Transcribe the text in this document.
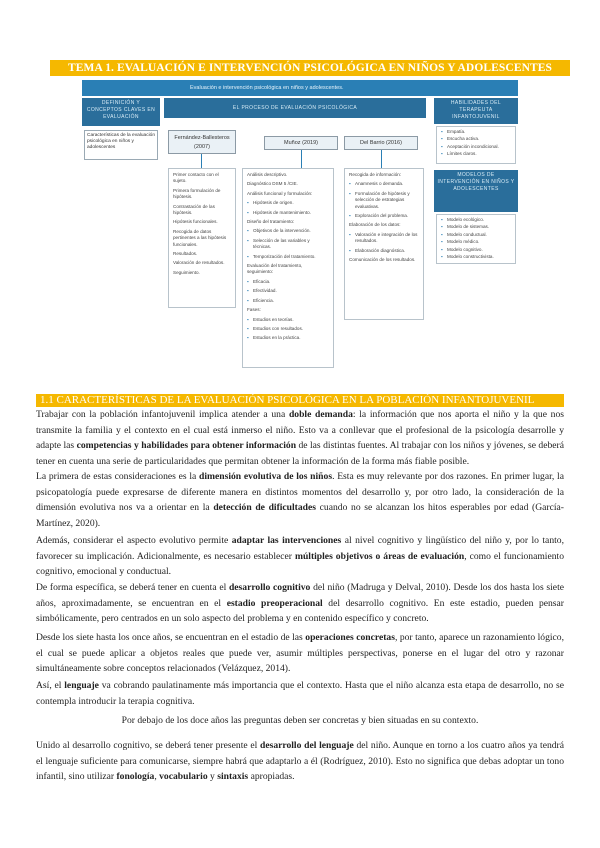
TEMA 1. EVALUACIÓN E INTERVENCIÓN PSICOLÓGICA EN NIÑOS Y ADOLESCENTES
Evaluación e intervención psicológica en niños y adolescentes.
DEFINICIÓN Y CONCEPTOS CLAVES EN EVALUACIÓN
Características de la evaluación psicológica en niños y adolescentes
EL PROCESO DE EVALUACIÓN PSICOLÓGICA
Fernández-Ballesteros (2007)
Muñoz (2019)	Del Barrio (2016)
Primer contacto con el sujeto.
Primera formulación de hipótesis.
Contrastación de las hipótesis.
Hipótesis funcionales.
Recogida de datos pertinentes a las hipótesis funcionales.
Resultados.
Valoración de resultados.
Seguimiento.
Análisis descriptivo.
Diagnóstico DSM 5 /CIE.
Análisis funcional y formulación:
▪ Hipótesis de origen.
▪ Hipótesis de mantenimiento.
Diseño del tratamiento:
▪ Objetivos de la intervención.
▪ Selección de las variables y técnicas.
▪ Temporización del tratamiento.
Evaluación del tratamiento, seguimiento:
▪ Eficacia.
▪ Efectividad.
▪ Eficiencia.
Fases:
▪ Estudios en teorías.
▪ Estudios con resultados.
▪ Estudios en la práctica.
Recogida de información:
▪ Anamnesis o demanda.
▪ Formulación de hipótesis y selección de estrategias evaluativas.
▪ Exploración del problema.
Elaboración de los datos:
▪ Valoración e integración de los resultados.
▪ Elaboración diagnóstica.
Comunicación de los resultados.
HABILIDADES DEL TERAPEUTA INFANTOJUVENIL
▪ Empatía.
▪ Escucha activa.
▪ Aceptación incondicional.
▪ Límites claros.
MODELOS DE INTERVENCIÓN EN NIÑOS Y ADOLESCENTES
▪ Modelo ecológico.
▪ Modelo de sistemas.
▪ Modelo conductual.
▪ Modelo médico.
▪ Modelo cognitivo.
▪ Modelo constructivista.
1.1 CARACTERÍSTICAS DE LA EVALUACIÓN PSICOLÓGICA EN LA POBLACIÓN INFANTOJUVENIL

Trabajar con la población infantojuvenil implica atender a una doble demanda: la información que nos aporta el niño y la que nos transmite la familia y el contexto en el cual está inmerso el niño. Esto va a conllevar que el profesional de la psicología desarrolle y adapte las competencias y habilidades para obtener información de las distintas fuentes. Al trabajar con los niños y jóvenes, se deberá tener en cuenta una serie de particularidades que permitan obtener la información de la forma más fiable posible.

La primera de estas consideraciones es la dimensión evolutiva de los niños. Esta es muy relevante por dos razones. En primer lugar, la psicopatología puede expresarse de diferente manera en distintos momentos del desarrollo y, por otro lado, la consideración de la dimensión evolutiva nos va a orientar en la detección de dificultades cuando no se alcanzan los hitos esperables por edad (García-Martínez, 2020).

Además, considerar el aspecto evolutivo permite adaptar las intervenciones al nivel cognitivo y lingüístico del niño y, por lo tanto, favorecer su implicación. Adicionalmente, es necesario establecer múltiples objetivos o áreas de evaluación, como el funcionamiento cognitivo, emocional y conductual.

De forma específica, se deberá tener en cuenta el desarrollo cognitivo del niño (Madruga y Delval, 2010). Desde los dos hasta los siete años, aproximadamente, se encuentran en el estadio preoperacional del desarrollo cognitivo. En este estadio, pueden pensar simbólicamente, pero centrados en un solo aspecto del problema y en contenido específico y concreto.

Desde los siete hasta los once años, se encuentran en el estadio de las operaciones concretas, por tanto, aparece un razonamiento lógico, el cual se puede aplicar a objetos reales que puede ver, asumir múltiples perspectivas, ponerse en el lugar del otro y razonar simultáneamente sobre conceptos relacionados (Velázquez, 2014).

Así, el lenguaje va cobrando paulatinamente más importancia que el contexto. Hasta que el niño alcanza esta etapa de desarrollo, no se contempla introducir la terapia cognitiva.

Por debajo de los doce años las preguntas deben ser concretas y bien situadas en su contexto.

Unido al desarrollo cognitivo, se deberá tener presente el desarrollo del lenguaje del niño. Aunque en torno a los cuatro años ya tendrá el lenguaje suficiente para comunicarse, siempre habrá que adaptarlo a él (Rodríguez, 2010). Esto no significa que debas adoptar un tono infantil, sino utilizar fonología, vocabulario y sintaxis apropiadas.
